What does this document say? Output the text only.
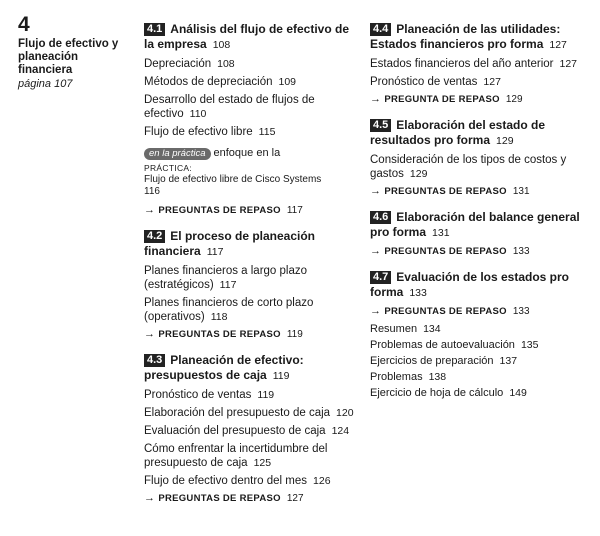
4
Flujo de efectivo y planeación financiera
página 107
4.1 Análisis del flujo de efectivo de la empresa 108
Depreciación 108
Métodos de depreciación 109
Desarrollo del estado de flujos de efectivo 110
Flujo de efectivo libre 115
en la práctica enfoque en la
PRÁCTICA:
Flujo de efectivo libre de Cisco Systems
116
→ PREGUNTAS DE REPASO 117
4.2 El proceso de planeación financiera 117
Planes financieros a largo plazo (estratégicos) 117
Planes financieros de corto plazo (operativos) 118
→ PREGUNTAS DE REPASO 119
4.3 Planeación de efectivo: presupuestos de caja 119
Pronóstico de ventas 119
Elaboración del presupuesto de caja 120
Evaluación del presupuesto de caja 124
Cómo enfrentar la incertidumbre del presupuesto de caja 125
Flujo de efectivo dentro del mes 126
→ PREGUNTAS DE REPASO 127
4.4 Planeación de las utilidades: Estados financieros pro forma 127
Estados financieros del año anterior 127
Pronóstico de ventas 127
→ PREGUNTA DE REPASO 129
4.5 Elaboración del estado de resultados pro forma 129
Consideración de los tipos de costos y gastos 129
→ PREGUNTAS DE REPASO 131
4.6 Elaboración del balance general pro forma 131
→ PREGUNTAS DE REPASO 133
4.7 Evaluación de los estados pro forma 133
→ PREGUNTAS DE REPASO 133
Resumen 134
Problemas de autoevaluación 135
Ejercicios de preparación 137
Problemas 138
Ejercicio de hoja de cálculo 149
